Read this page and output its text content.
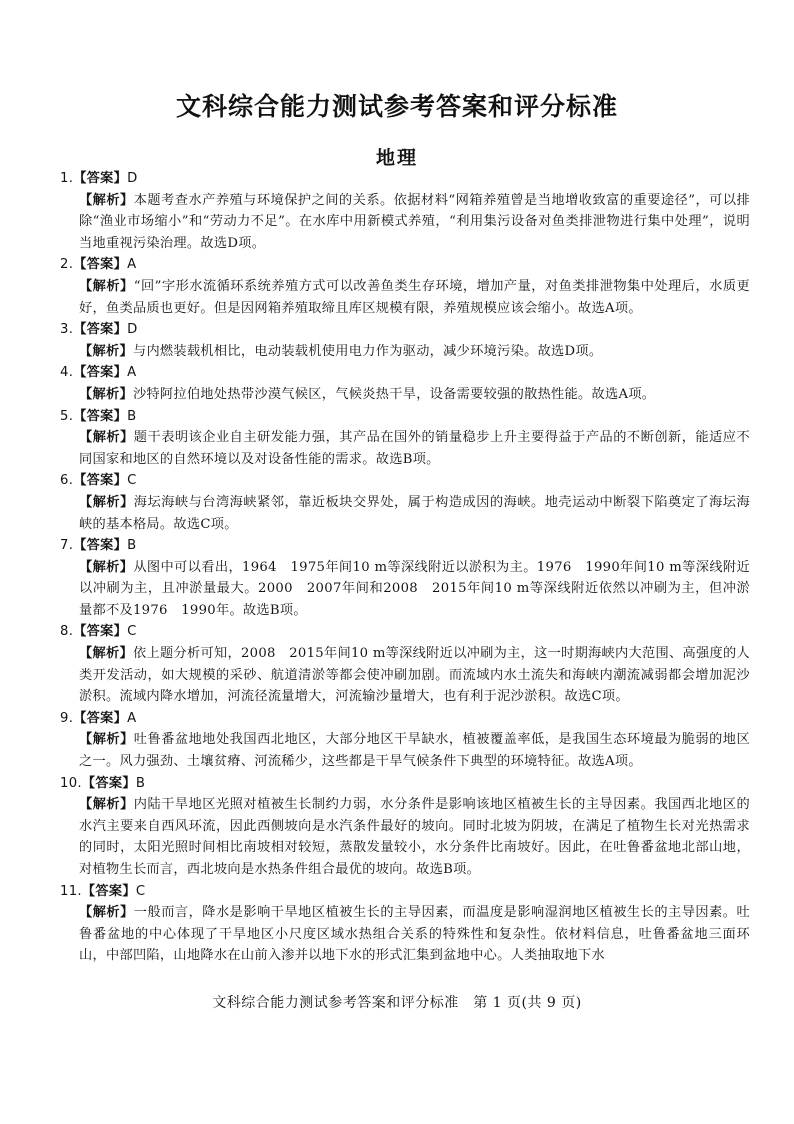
文科综合能力测试参考答案和评分标准
地理
1.【答案】D
【解析】本题考查水产养殖与环境保护之间的关系。依据材料“网箱养殖曾是当地增收致富的重要途径”，可以排除“渔业市场缩小”和“劳动力不足”。在水库中用新模式养殖，“利用集污设备对鱼类排泄物进行集中处理”，说明当地重视污染治理。故选D项。
2.【答案】A
【解析】“回”字形水流循环系统养殖方式可以改善鱼类生存环境，增加产量，对鱼类排泄物集中处理后，水质更好，鱼类品质也更好。但是因网箱养殖取缔且库区规模有限，养殖规模应该会缩小。故选A项。
3.【答案】D
【解析】与内燃装载机相比，电动装载机使用电力作为驱动，减少环境污染。故选D项。
4.【答案】A
【解析】沙特阿拉伯地处热带沙漠气候区，气候炎热干旱，设备需要较强的散热性能。故选A项。
5.【答案】B
【解析】题干表明该企业自主研发能力强，其产品在国外的销量稳步上升主要得益于产品的不断创新，能适应不同国家和地区的自然环境以及对设备性能的需求。故选B项。
6.【答案】C
【解析】海坛海峡与台湾海峡紧邻，靠近板块交界处，属于构造成因的海峡。地壳运动中断裂下陷奠定了海坛海峡的基本格局。故选C项。
7.【答案】B
【解析】从图中可以看出，1964　1975年间10 m等深线附近以淤积为主。1976　1990年间10 m等深线附近以冲刷为主，且冲淤量最大。2000　2007年间和2008　2015年间10 m等深线附近依然以冲刷为主，但冲淤量都不及1976　1990年。故选B项。
8.【答案】C
【解析】依上题分析可知，2008　2015年间10 m等深线附近以冲刷为主，这一时期海峡内大范围、高强度的人类开发活动，如大规模的采砂、航道清淤等都会使冲刷加剧。而流域内水土流失和海峡内潮流减弱都会增加泥沙淤积。流域内降水增加，河流径流量增大，河流输沙量增大，也有利于泥沙淤积。故选C项。
9.【答案】A
【解析】吐鲁番盆地地处我国西北地区，大部分地区干旱缺水，植被覆盖率低，是我国生态环境最为脆弱的地区之一。风力强劲、土壤贫瘠、河流稀少，这些都是干旱气候条件下典型的环境特征。故选A项。
10.【答案】B
【解析】内陆干旱地区光照对植被生长制约力弱，水分条件是影响该地区植被生长的主导因素。我国西北地区的水汽主要来自西风环流，因此西侧坡向是水汽条件最好的坡向。同时北坡为阴坡，在满足了植物生长对光热需求的同时，太阳光照时间相比南坡相对较短，蒸散发量较小，水分条件比南坡好。因此，在吐鲁番盆地北部山地，对植物生长而言，西北坡向是水热条件组合最优的坡向。故选B项。
11.【答案】C
【解析】一般而言，降水是影响干旱地区植被生长的主导因素，而温度是影响湿润地区植被生长的主导因素。吐鲁番盆地的中心体现了干旱地区小尺度区域水热组合关系的特殊性和复杂性。依材料信息，吐鲁番盆地三面环山，中部凹陷，山地降水在山前入渗并以地下水的形式汇集到盆地中心。人类抽取地下水
文科综合能力测试参考答案和评分标准　第 1 页(共 9 页)
